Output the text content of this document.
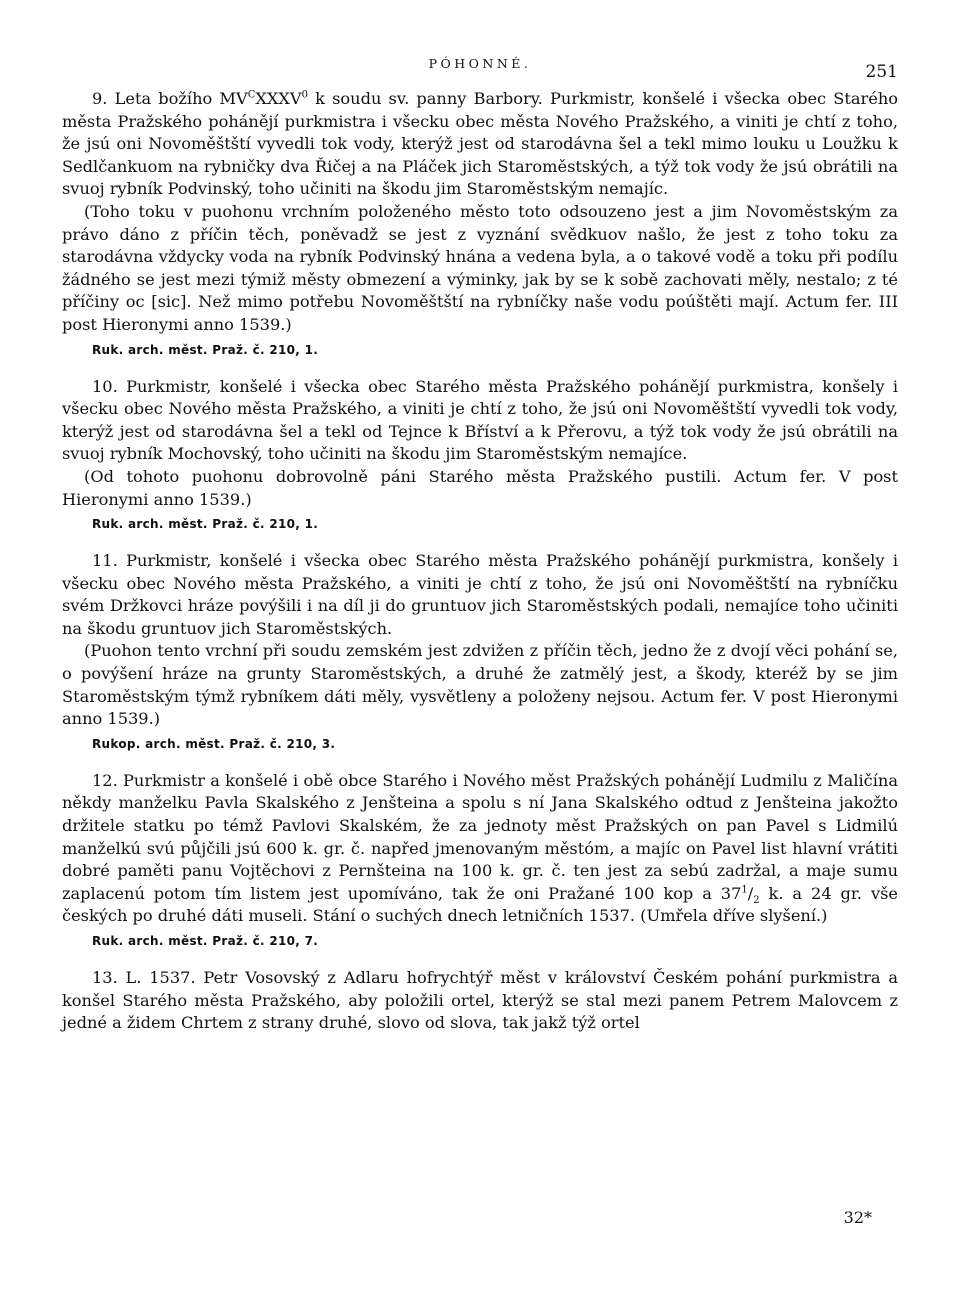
PÓHONNÉ.	251

9. Leta božího $MV^CXXXV^0$ k soudu sv. panny Barbory. Purkmistr, konšelé i všecka obec Starého města Pražského pohánějí purkmistra i všecku obec města Nového Pražského, a viniti je chtí z toho, že jsú oni Novoměštští vyvedli tok vody, kterýž jest od starodávna šel a tekl mimo louku u Loužku k Sedlčankuom na rybničky dva Řičej a na Pláček jich Staroměstských, a týž tok vody že jsú obrátili na svuoj rybník Podvinský, toho učiniti na škodu jim Staroměstským nemajíc.

(Toho toku v puohonu vrchním položeného město toto odsouzeno jest a jim Novoměstským za právo dáno z příčin těch, poněvadž se jest z vyznání svědkuov našlo, že jest z toho toku za starodávna vždycky voda na rybník Podvinský hnána a vedena byla, a o takové vodě a toku při podílu žádného se jest mezi týmiž městy obmezení a výminky, jak by se k sobě zachovati měly, nestalo; z té příčiny oc [sic]. Než mimo potřebu Novoměštští na rybníčky naše vodu poúštěti mají. Actum fer. III post Hieronymi anno 1539.)

Ruk. arch. měst. Praž. č. 210, 1.

10. Purkmistr, konšelé i všecka obec Starého města Pražského pohánějí purkmistra, konšely i všecku obec Nového města Pražského, a viniti je chtí z toho, že jsú oni Novoměštští vyvedli tok vody, kterýž jest od starodávna šel a tekl od Tejnce k Bříství a k Přerovu, a týž tok vody že jsú obrátili na svuoj rybník Mochovský, toho učiniti na škodu jim Staroměstským nemajíce.

(Od tohoto puohonu dobrovolně páni Starého města Pražského pustili. Actum fer. V post Hieronymi anno 1539.)

Ruk. arch. měst. Praž. č. 210, 1.

11. Purkmistr, konšelé i všecka obec Starého města Pražského pohánějí purkmistra, konšely i všecku obec Nového města Pražského, a viniti je chtí z toho, že jsú oni Novoměštští na rybníčku svém Držkovci hráze povýšili i na díl ji do gruntuov jich Staroměstských podali, nemajíce toho učiniti na škodu gruntuov jich Staroměstských.

(Puohon tento vrchní při soudu zemském jest zdvižen z příčin těch, jedno že z dvojí věci pohání se, o povýšení hráze na grunty Staroměstských, a druhé že zatmělý jest, a škody, kteréž by se jim Staroměstským týmž rybníkem dáti měly, vysvětleny a položeny nejsou. Actum fer. V post Hieronymi anno 1539.)

Rukop. arch. měst. Praž. č. 210, 3.

12. Purkmistr a konšelé i obě obce Starého i Nového měst Pražských pohánějí Ludmilu z Maličína někdy manželku Pavla Skalského z Jenšteina a spolu s ní Jana Skalského odtud z Jenšteina jakožto držitele statku po témž Pavlovi Skalském, že za jednoty měst Pražských on pan Pavel s Lidmilú manželkú svú půjčili jsú 600 k. gr. č. napřed jmenovaným městóm, a majíc on Pavel list hlavní vrátiti dobré paměti panu Vojtěchovi z Pernšteina na 100 k. gr. č. ten jest za sebú zadržal, a maje sumu zaplacenú potom tím listem jest upomíváno, tak že oni Pražané 100 kop a $37^1/_2$ k. a 24 gr. vše českých po druhé dáti museli. Stání o suchých dnech letničních 1537. (Umřela dříve slyšení.)

Ruk. arch. měst. Praž. č. 210, 7.

13. L. 1537. Petr Vosovský z Adlaru hofrychtýř měst v království Českém pohání purkmistra a konšel Starého města Pražského, aby položili ortel, kterýž se stal mezi panem Petrem Malovcem z jedné a židem Chrtem z strany druhé, slovo od slova, tak jakž týž ortel

32*
